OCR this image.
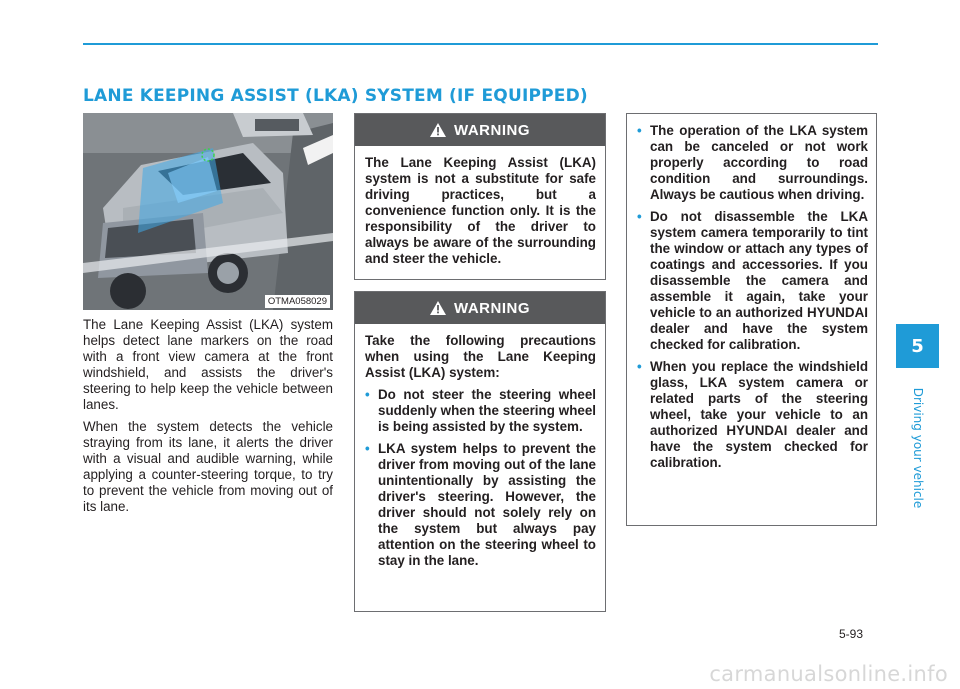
LANE KEEPING ASSIST (LKA) SYSTEM (IF EQUIPPED)
OTMA058029

The Lane Keeping Assist (LKA) system helps detect lane markers on the road with a front view camera at the front windshield, and assists the driver's steering to help keep the vehicle between lanes.

When the system detects the vehicle straying from its lane, it alerts the driver with a visual and audible warning, while applying a counter-steering torque, to try to prevent the vehicle from moving out of its lane.

WARNING

The Lane Keeping Assist (LKA) system is not a substitute for safe driving practices, but a convenience function only. It is the responsibility of the driver to always be aware of the surrounding and steer the vehicle.

WARNING

Take the following precautions when using the Lane Keeping Assist (LKA) system:

• Do not steer the steering wheel suddenly when the steering wheel is being assisted by the system.
• LKA system helps to prevent the driver from moving out of the lane unintentionally by assisting the driver's steering. However, the driver should not solely rely on the system but always pay attention on the steering wheel to stay in the lane.
• The operation of the LKA system can be canceled or not work properly according to road condition and surroundings. Always be cautious when driving.
• Do not disassemble the LKA system camera temporarily to tint the window or attach any types of coatings and accessories. If you disassemble the camera and assemble it again, take your vehicle to an authorized HYUNDAI dealer and have the system checked for calibration.
• When you replace the windshield glass, LKA system camera or related parts of the steering wheel, take your vehicle to an authorized HYUNDAI dealer and have the system checked for calibration.
5
Driving your vehicle
5-93
carmanualsonline.info
